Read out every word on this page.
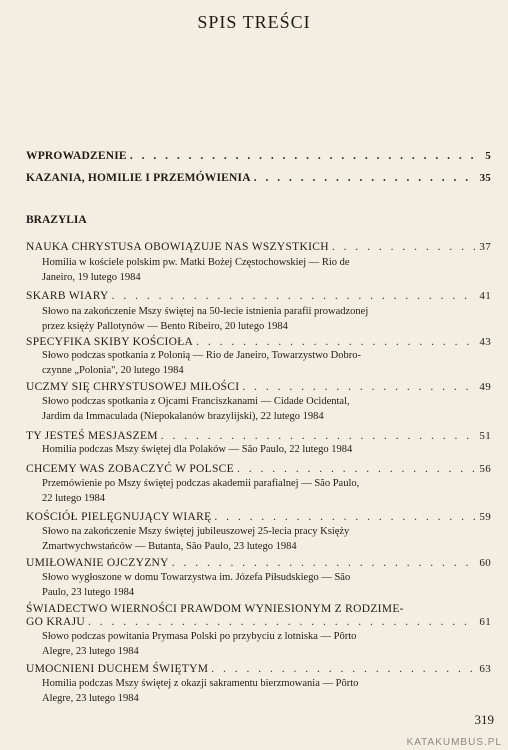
SPIS TREŚCI
WPROWADZENIE . . .	5
KAZANIA, HOMILIE I PRZEMÓWIENIA . . .	35
BRAZYLIA
NAUKA CHRYSTUSA OBOWIĄZUJE NAS WSZYSTKICH . . .	37
Homilia w kościele polskim pw. Matki Bożej Częstochowskiej — Rio de
Janeiro, 19 lutego 1984
SKARB WIARY . . .	41
Słowo na zakończenie Mszy świętej na 50-lecie istnienia parafii prowadzonej
przez księży Pallotynów — Bento Ribeiro, 20 lutego 1984
SPECYFIKA SKIBY KOŚCIOŁA . . .	43
Słowo podczas spotkania z Polonią — Rio de Janeiro, Towarzystwo Dobro-
czynne „Polonia", 20 lutego 1984
UCZMY SIĘ CHRYSTUSOWEJ MIŁOŚCI . . .	49
Słowo podczas spotkania z Ojcami Franciszkanami — Cidade Ocidental,
Jardim da Immaculada (Niepokalanów brazylijski), 22 lutego 1984
TY JESTEŚ MESJASZEM . . .	51
Homilia podczas Mszy świętej dla Polaków — São Paulo, 22 lutego 1984
CHCEMY WAS ZOBACZYĆ W POLSCE . . .	56
Przemówienie po Mszy świętej podczas akademii parafialnej — São Paulo,
22 lutego 1984
KOŚCIÓŁ PIELĘGNUJĄCY WIARĘ . . .	59
Słowo na zakończenie Mszy świętej jubileuszowej 25-lecia pracy Księży
Zmartwychwstańców — Butanta, São Paulo, 23 lutego 1984
UMIŁOWANIE OJCZYZNY . . .	60
Słowo wygłoszone w domu Towarzystwa im. Józefa Piłsudskiego — São
Paulo, 23 lutego 1984
ŚWIADECTWO WIERNOŚCI PRAWDOM WYNIESIONYM Z RODZIME-
GO KRAJU . . .	61
Słowo podczas powitania Prymasa Polski po przybyciu z lotniska — Pôrto
Alegre, 23 lutego 1984
UMOCNIENI DUCHEM ŚWIĘTYM . . .	63
Homilia podczas Mszy świętej z okazji sakramentu bierzmowania — Pôrto
Alegre, 23 lutego 1984
319
KATAKUMBUS.PL
